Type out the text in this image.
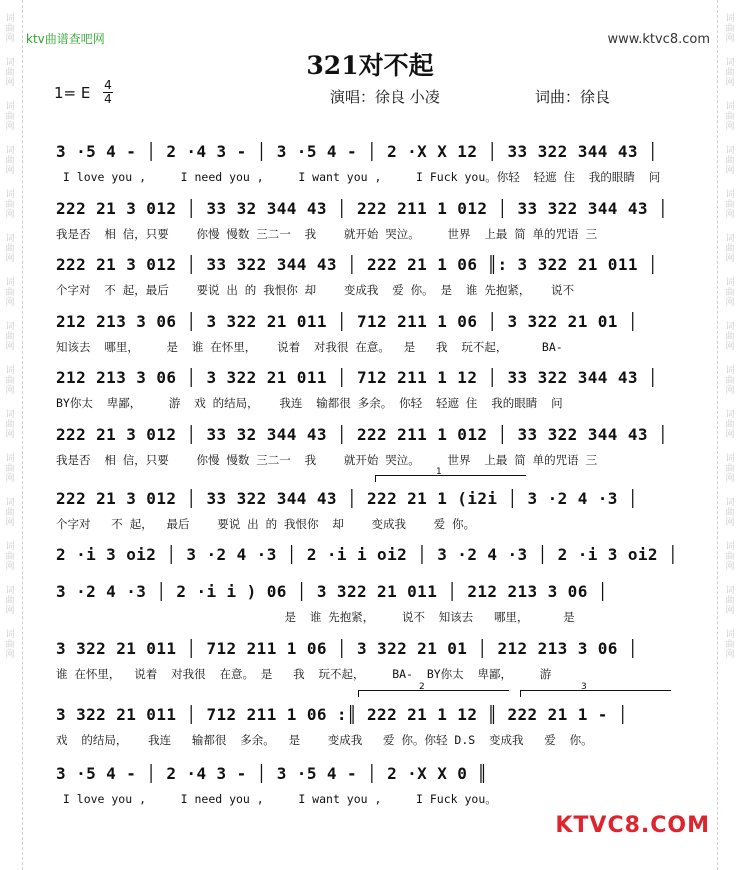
词
曲
网
词
曲
网
词
曲
网
词
曲
网
词
曲
网
词
曲
网
词
曲
网
词
曲
网
词
曲
网
词
曲
网
词
曲
网
词
曲
网
词
曲
网
词
曲
网
词
曲
网
词
曲
网
词
曲
网
词
曲
网
词
曲
网
词
曲
网
词
曲
网
词
曲
网
词
曲
网
词
曲
网
词
曲
网
词
曲
网
词
曲
网
词
曲
网
词
曲
网
词
曲
网
ktv曲谱查吧网	www.ktvc8.com
321对不起
1= E 4
4	演唱：徐良 小凌	词曲：徐良
3 ·5 4 - │ 2 ·4 3 - │ 3 ·5 4 - │ 2 ·X X 12 │ 33 322 344 43 │
I love you ,     I need you ,     I want you ,     I Fuck you。你轻  轻遮 住  我的眼睛  问
222 21 3 012 │ 33 32 344 43 │ 222 211 1 012 │ 33 322 344 43 │
我是否  相 信，只要    你慢 慢数 三二一  我    就开始 哭泣。    世界  上最 简 单的咒语 三
222 21 3 012 │ 33 322 344 43 │ 222 21 1 06 ║: 3 322 21 011 │
个字对  不 起，最后    要说 出 的 我恨你 却    变成我  爱 你。 是  谁 先抱紧，   说不
212 213 3 06 │ 3 322 21 011 │ 712 211 1 06 │ 3 322 21 01 │
知该去  哪里，    是  谁 在怀里，   说着  对我很 在意。  是   我  玩不起，     BA-
212 213 3 06 │ 3 322 21 011 │ 712 211 1 12 │ 33 322 344 43 │
BY你太  卑鄙，    游  戏 的结局，   我连  输都很 多余。 你轻  轻遮 住  我的眼睛  问
222 21 3 012 │ 33 32 344 43 │ 222 211 1 012 │ 33 322 344 43 │
我是否  相 信，只要    你慢 慢数 三二一  我    就开始 哭泣。    世界  上最 简 单的咒语 三
222 21 3 012 │ 33 322 344 43 │ 222 21 1 (i2i │ 3 ·2 4 ·3 │
个字对   不 起，  最后    要说 出 的 我恨你  却    变成我    爱 你。
2 ·i 3 oi2 │ 3 ·2 4 ·3 │ 2 ·i i oi2 │ 3 ·2 4 ·3 │ 2 ·i 3 oi2 │
3 ·2 4 ·3 │ 2 ·i i ) 06 │ 3 322 21 011 │ 212 213 3 06 │
是  谁 先抱紧，    说不  知该去   哪里，     是
3 322 21 011 │ 712 211 1 06 │ 3 322 21 01 │ 212 213 3 06 │
谁 在怀里，  说着  对我很  在意。 是   我  玩不起，    BA-  BY你太  卑鄙，    游
3 322 21 011 │ 712 211 1 06 :║ 222 21 1 12 ║ 222 21 1 - │
戏  的结局，   我连   输都很  多余。  是    变成我   爱 你。你轻 D.S  变成我   爱  你。
3 ·5 4 - │ 2 ·4 3 - │ 3 ·5 4 - │ 2 ·X X 0 ║
I love you ,     I need you ,     I want you ,     I Fuck you。
KTVC8.COM
1
2	3
